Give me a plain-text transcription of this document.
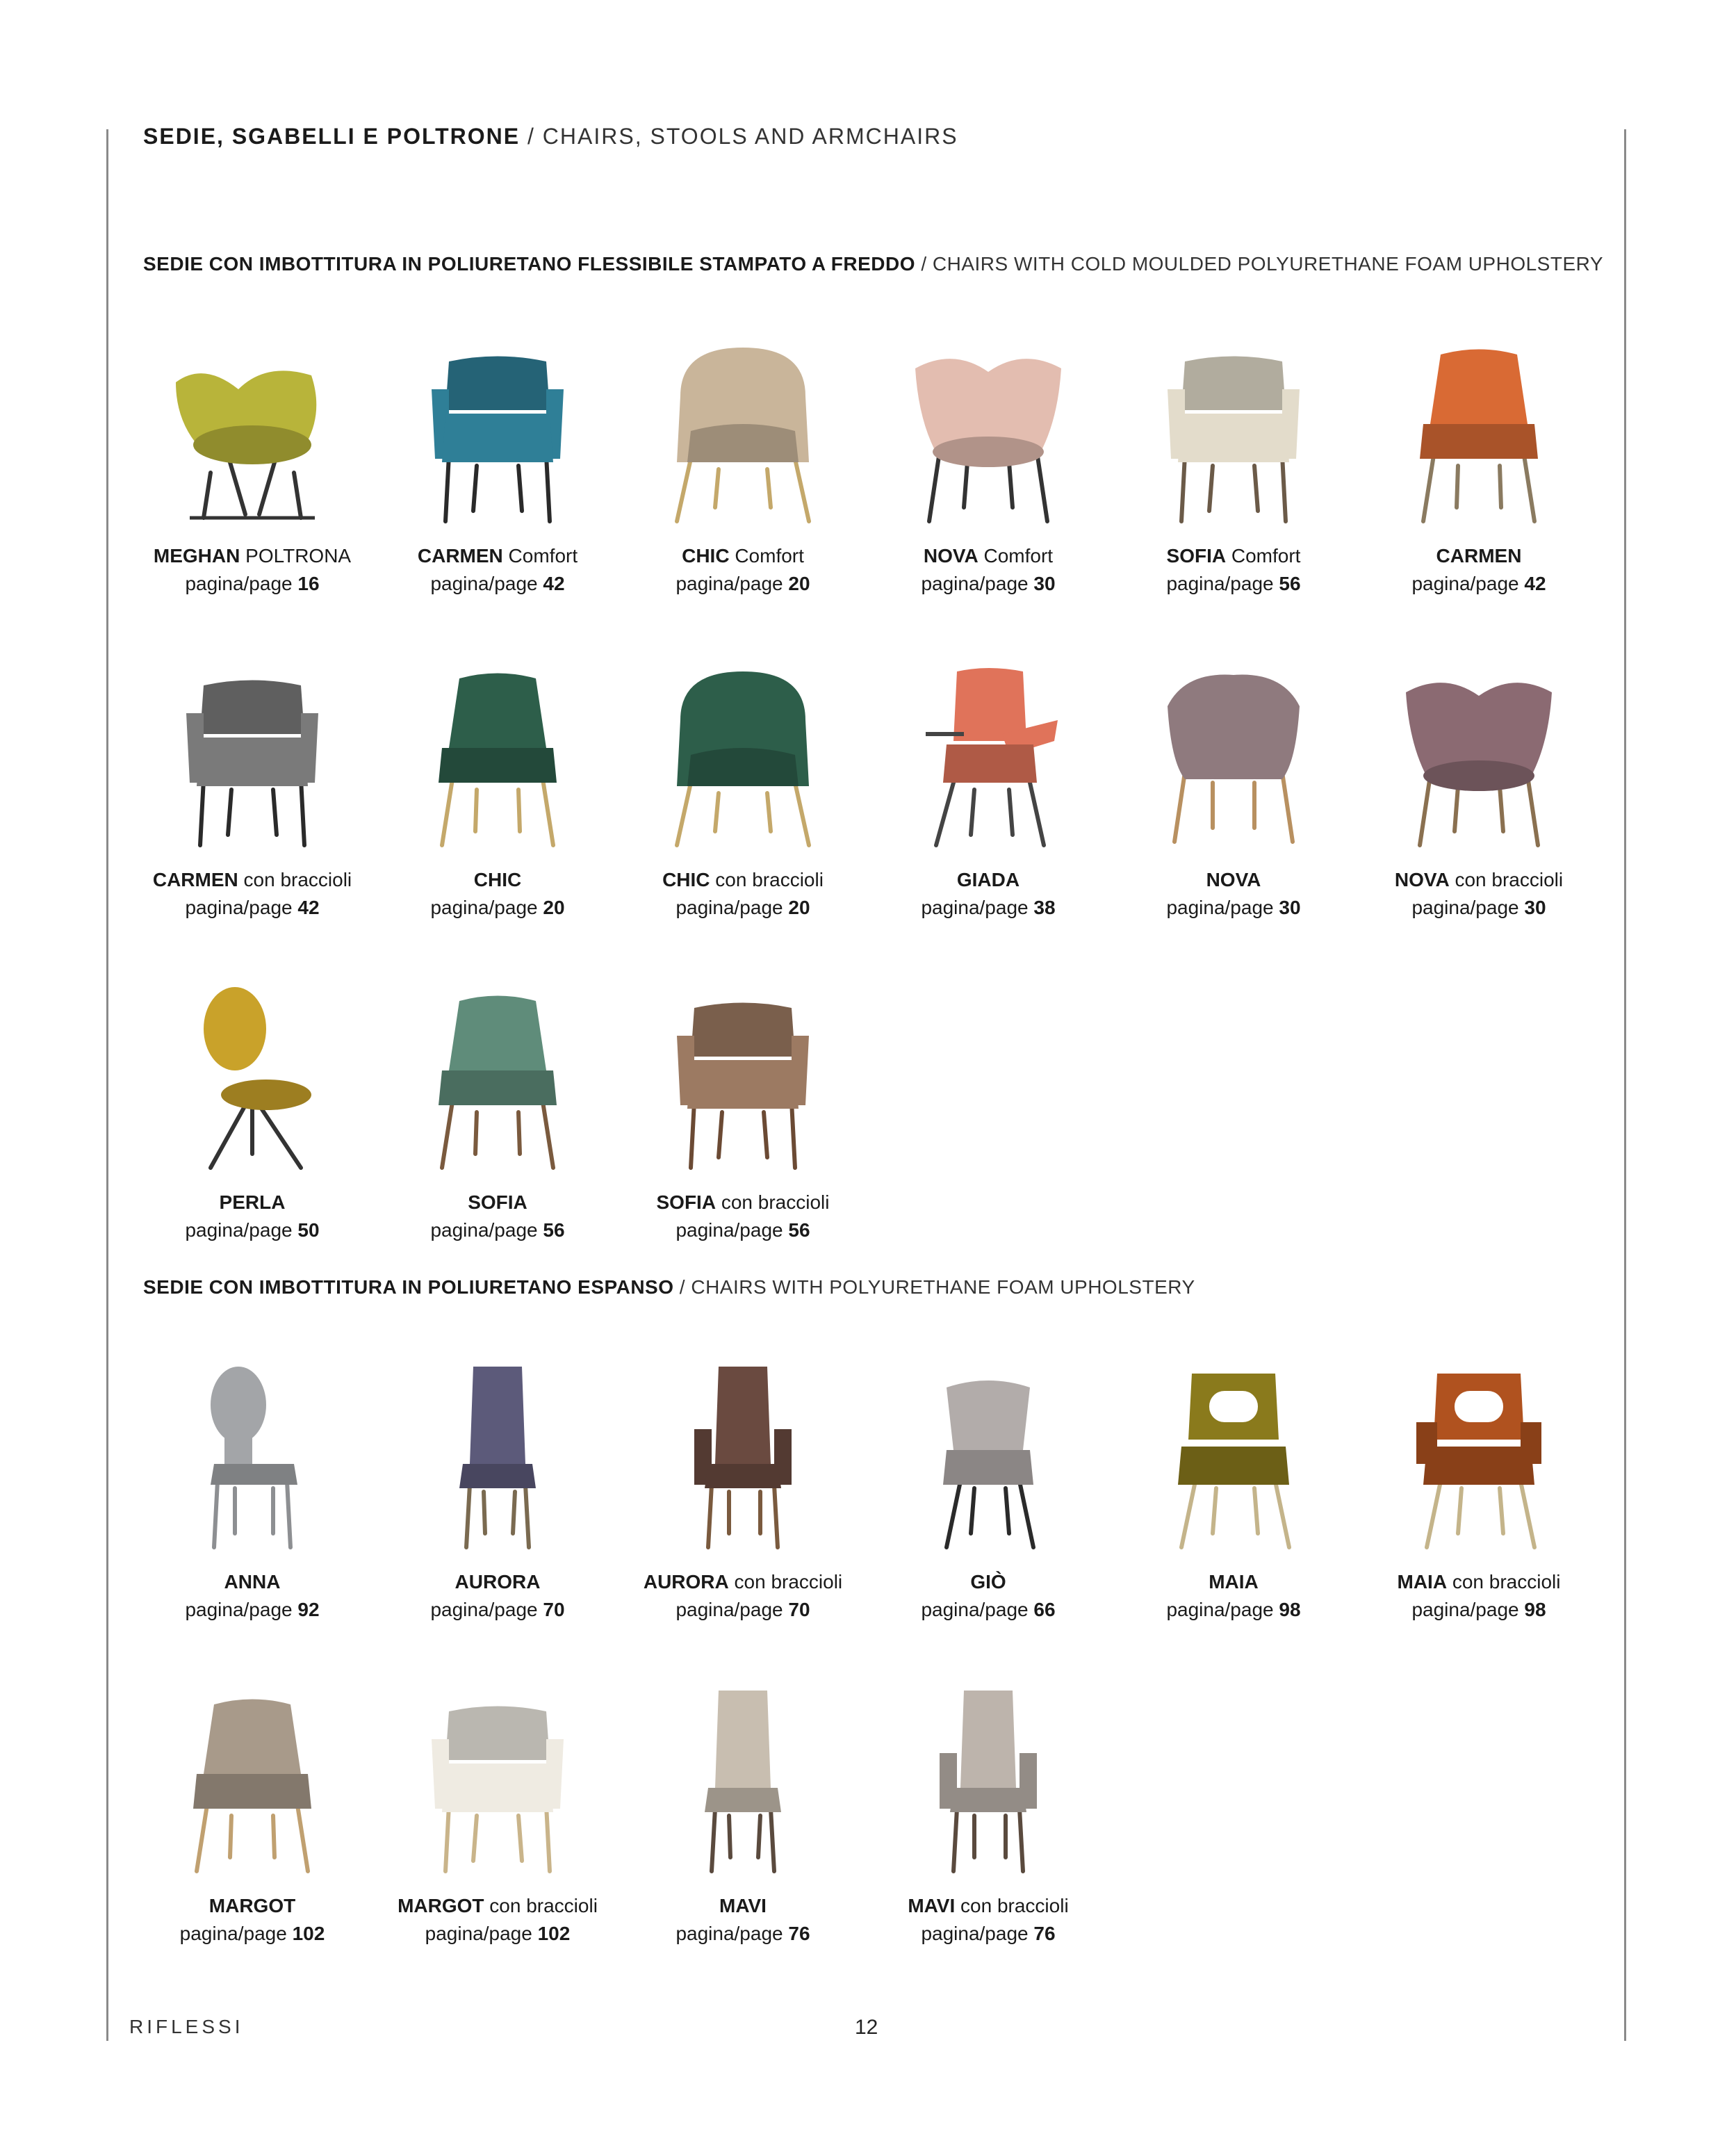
SEDIE, SGABELLI E POLTRONE / CHAIRS, STOOLS AND ARMCHAIRS
SEDIE CON IMBOTTITURA IN POLIURETANO FLESSIBILE STAMPATO A FREDDO / CHAIRS WITH COLD MOULDED POLYURETHANE FOAM UPHOLSTERY
SEDIE CON IMBOTTITURA IN POLIURETANO ESPANSO / CHAIRS WITH POLYURETHANE FOAM UPHOLSTERY
MEGHAN POLTRONA
pagina/page 16
CARMEN Comfort
pagina/page 42
CHIC Comfort
pagina/page 20
NOVA Comfort
pagina/page 30
SOFIA Comfort
pagina/page 56
CARMEN
pagina/page 42
CARMEN con braccioli
pagina/page 42
CHIC
pagina/page 20
CHIC con braccioli
pagina/page 20
GIADA
pagina/page 38
NOVA
pagina/page 30
NOVA con braccioli
pagina/page 30
PERLA
pagina/page 50
SOFIA
pagina/page 56
SOFIA con braccioli
pagina/page 56
ANNA
pagina/page 92
AURORA
pagina/page 70
AURORA con braccioli
pagina/page 70
GIÒ
pagina/page 66
MAIA
pagina/page 98
MAIA con braccioli
pagina/page 98
MARGOT
pagina/page 102
MARGOT con braccioli
pagina/page 102
MAVI
pagina/page 76
MAVI con braccioli
pagina/page 76
RIFLESSI	12
